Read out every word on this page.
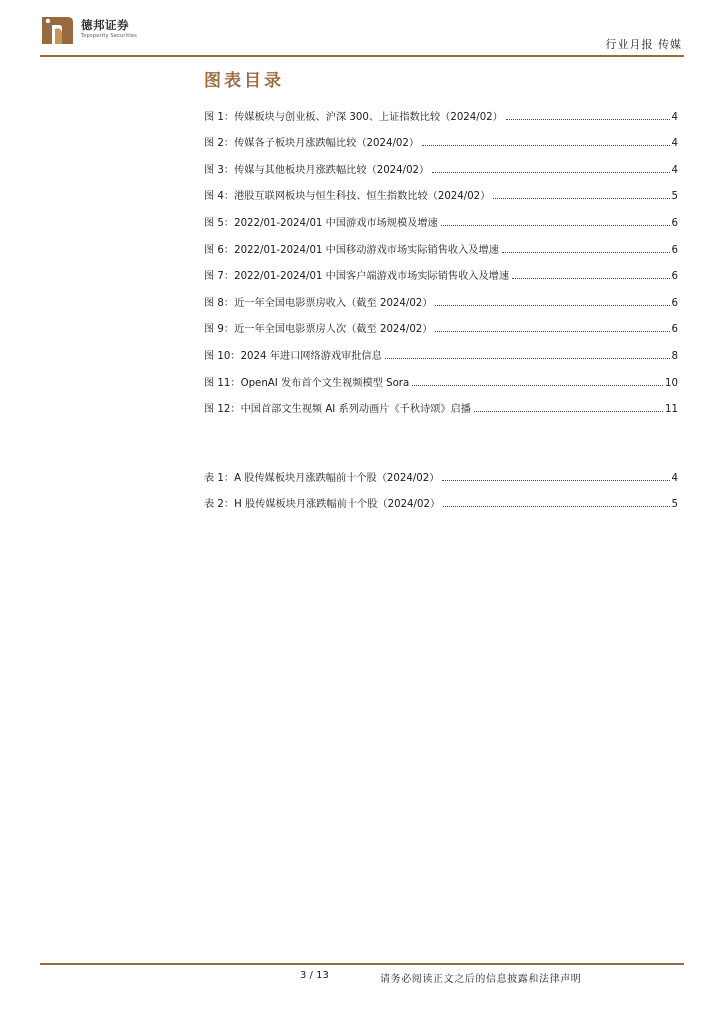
德邦证券
Topsperity Securities
行业月报 传媒
图表目录
图 1：传媒板块与创业板、沪深 300、上证指数比较（2024/02）	4
图 2：传媒各子板块月涨跌幅比较（2024/02）	4
图 3：传媒与其他板块月涨跌幅比较（2024/02）	4
图 4：港股互联网板块与恒生科技、恒生指数比较（2024/02）	5
图 5：2022/01-2024/01 中国游戏市场规模及增速	6
图 6：2022/01-2024/01 中国移动游戏市场实际销售收入及增速	6
图 7：2022/01-2024/01 中国客户端游戏市场实际销售收入及增速	6
图 8：近一年全国电影票房收入（截至 2024/02）	6
图 9：近一年全国电影票房人次（截至 2024/02）	6
图 10：2024 年进口网络游戏审批信息	8
图 11：OpenAI 发布首个文生视频模型 Sora	10
图 12：中国首部文生视频 AI 系列动画片《千秋诗颂》启播	11
表 1：A 股传媒板块月涨跌幅前十个股（2024/02）	4
表 2：H 股传媒板块月涨跌幅前十个股（2024/02）	5
3 / 13	请务必阅读正文之后的信息披露和法律声明
